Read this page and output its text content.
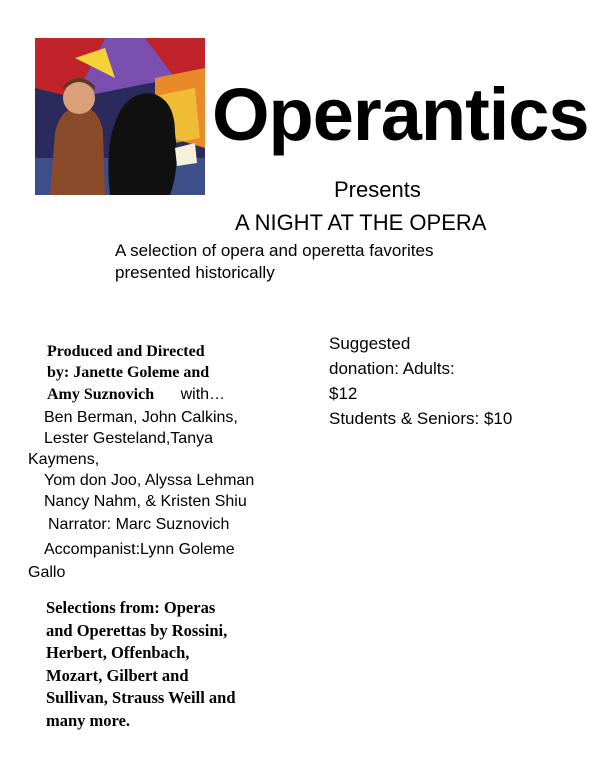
Operantics
Presents
A NIGHT AT THE OPERA
A selection of opera and operetta favorites
presented historically
Produced and Directed
by: Janette Goleme and
Amy Suznovich with…
Ben Berman, John Calkins,
Lester Gesteland,Tanya
Kaymens,
Yom don Joo, Alyssa Lehman
Nancy Nahm, & Kristen Shiu
Narrator: Marc Suznovich
Accompanist:Lynn Goleme
Gallo
Suggested
donation: Adults:
$12
Students & Seniors: $10
Selections from: Operas
and Operettas by Rossini,
Herbert, Offenbach,
Mozart, Gilbert and
Sullivan, Strauss Weill and
many more.
